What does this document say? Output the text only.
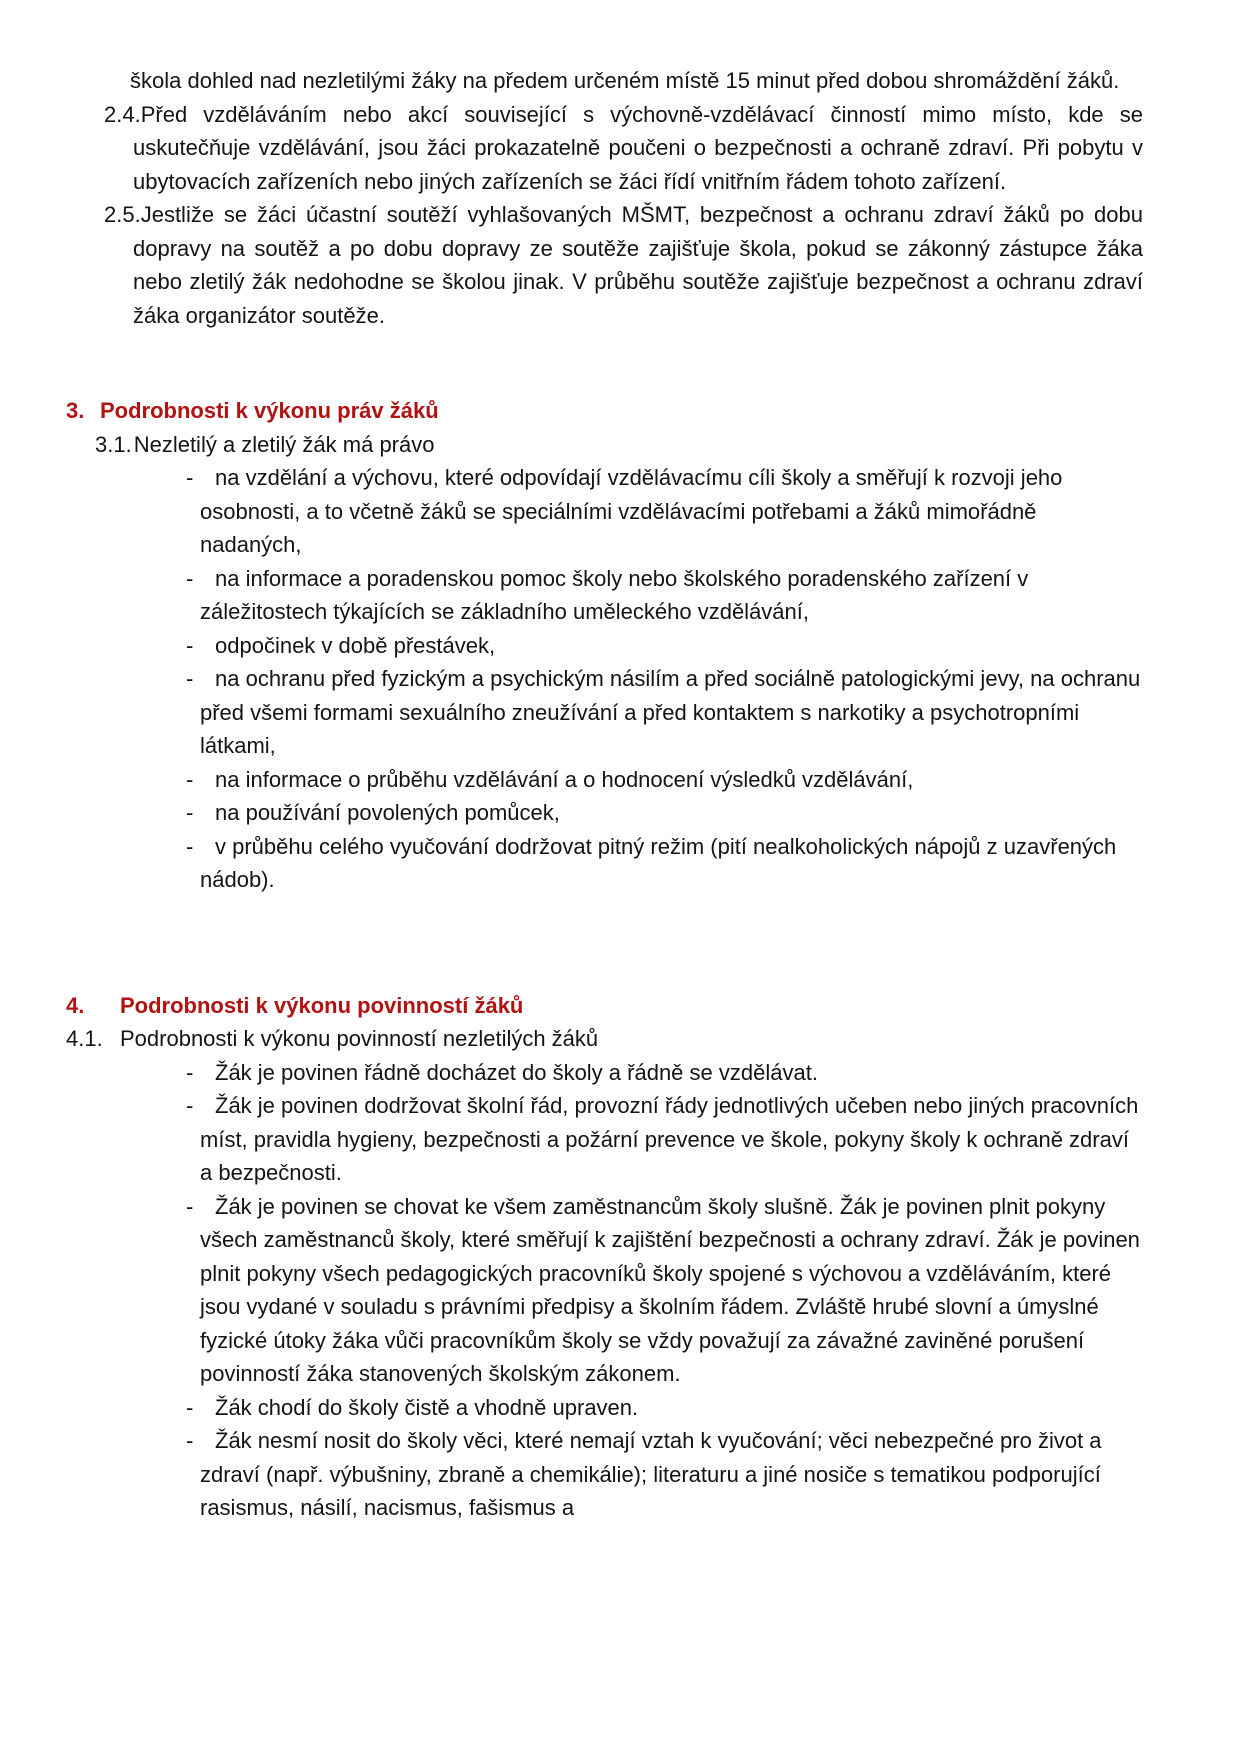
škola dohled nad nezletilými žáky na předem určeném místě 15 minut před dobou shromáždění žáků.
2.4.Před vzděláváním nebo akcí související s výchovně-vzdělávací činností mimo místo, kde se uskutečňuje vzdělávání, jsou žáci prokazatelně poučeni o bezpečnosti a ochraně zdraví. Při pobytu v ubytovacích zařízeních nebo jiných zařízeních se žáci řídí vnitřním řádem tohoto zařízení.
2.5.Jestliže se žáci účastní soutěží vyhlašovaných MŠMT, bezpečnost a ochranu zdraví žáků po dobu dopravy na soutěž a po dobu dopravy ze soutěže zajišťuje škola, pokud se zákonný zástupce žáka nebo zletilý žák nedohodne se školou jinak. V průběhu soutěže zajišťuje bezpečnost a ochranu zdraví žáka organizátor soutěže.
3. Podrobnosti k výkonu práv žáků
3.1.Nezletilý a zletilý žák má právo
- na vzdělání a výchovu, které odpovídají vzdělávacímu cíli školy a směřují k rozvoji jeho osobnosti, a to včetně žáků se speciálními vzdělávacími potřebami a žáků mimořádně nadaných,
- na informace a poradenskou pomoc školy nebo školského poradenského zařízení v záležitostech týkajících se základního uměleckého vzdělávání,
- odpočinek v době přestávek,
- na ochranu před fyzickým a psychickým násilím a před sociálně patologickými jevy, na ochranu před všemi formami sexuálního zneužívání a před kontaktem s narkotiky a psychotropními látkami,
- na informace o průběhu vzdělávání a o hodnocení výsledků vzdělávání,
- na používání povolených pomůcek,
- v průběhu celého vyučování dodržovat pitný režim (pití nealkoholických nápojů z uzavřených nádob).
4. Podrobnosti k výkonu povinností žáků
4.1. Podrobnosti k výkonu povinností nezletilých žáků
- Žák je povinen řádně docházet do školy a řádně se vzdělávat.
- Žák je povinen dodržovat školní řád, provozní řády jednotlivých učeben nebo jiných pracovních míst, pravidla hygieny, bezpečnosti a požární prevence ve škole, pokyny školy k ochraně zdraví a bezpečnosti.
- Žák je povinen se chovat ke všem zaměstnancům školy slušně. Žák je povinen plnit pokyny všech zaměstnanců školy, které směřují k zajištění bezpečnosti a ochrany zdraví. Žák je povinen plnit pokyny všech pedagogických pracovníků školy spojené s výchovou a vzděláváním, které jsou vydané v souladu s právními předpisy a školním řádem. Zvláště hrubé slovní a úmyslné fyzické útoky žáka vůči pracovníkům školy se vždy považují za závažné zaviněné porušení povinností žáka stanovených školským zákonem.
- Žák chodí do školy čistě a vhodně upraven.
- Žák nesmí nosit do školy věci, které nemají vztah k vyučování; věci nebezpečné pro život a zdraví (např. výbušniny, zbraně a chemikálie); literaturu a jiné nosiče s tematikou podporující rasismus, násilí, nacismus, fašismus a
